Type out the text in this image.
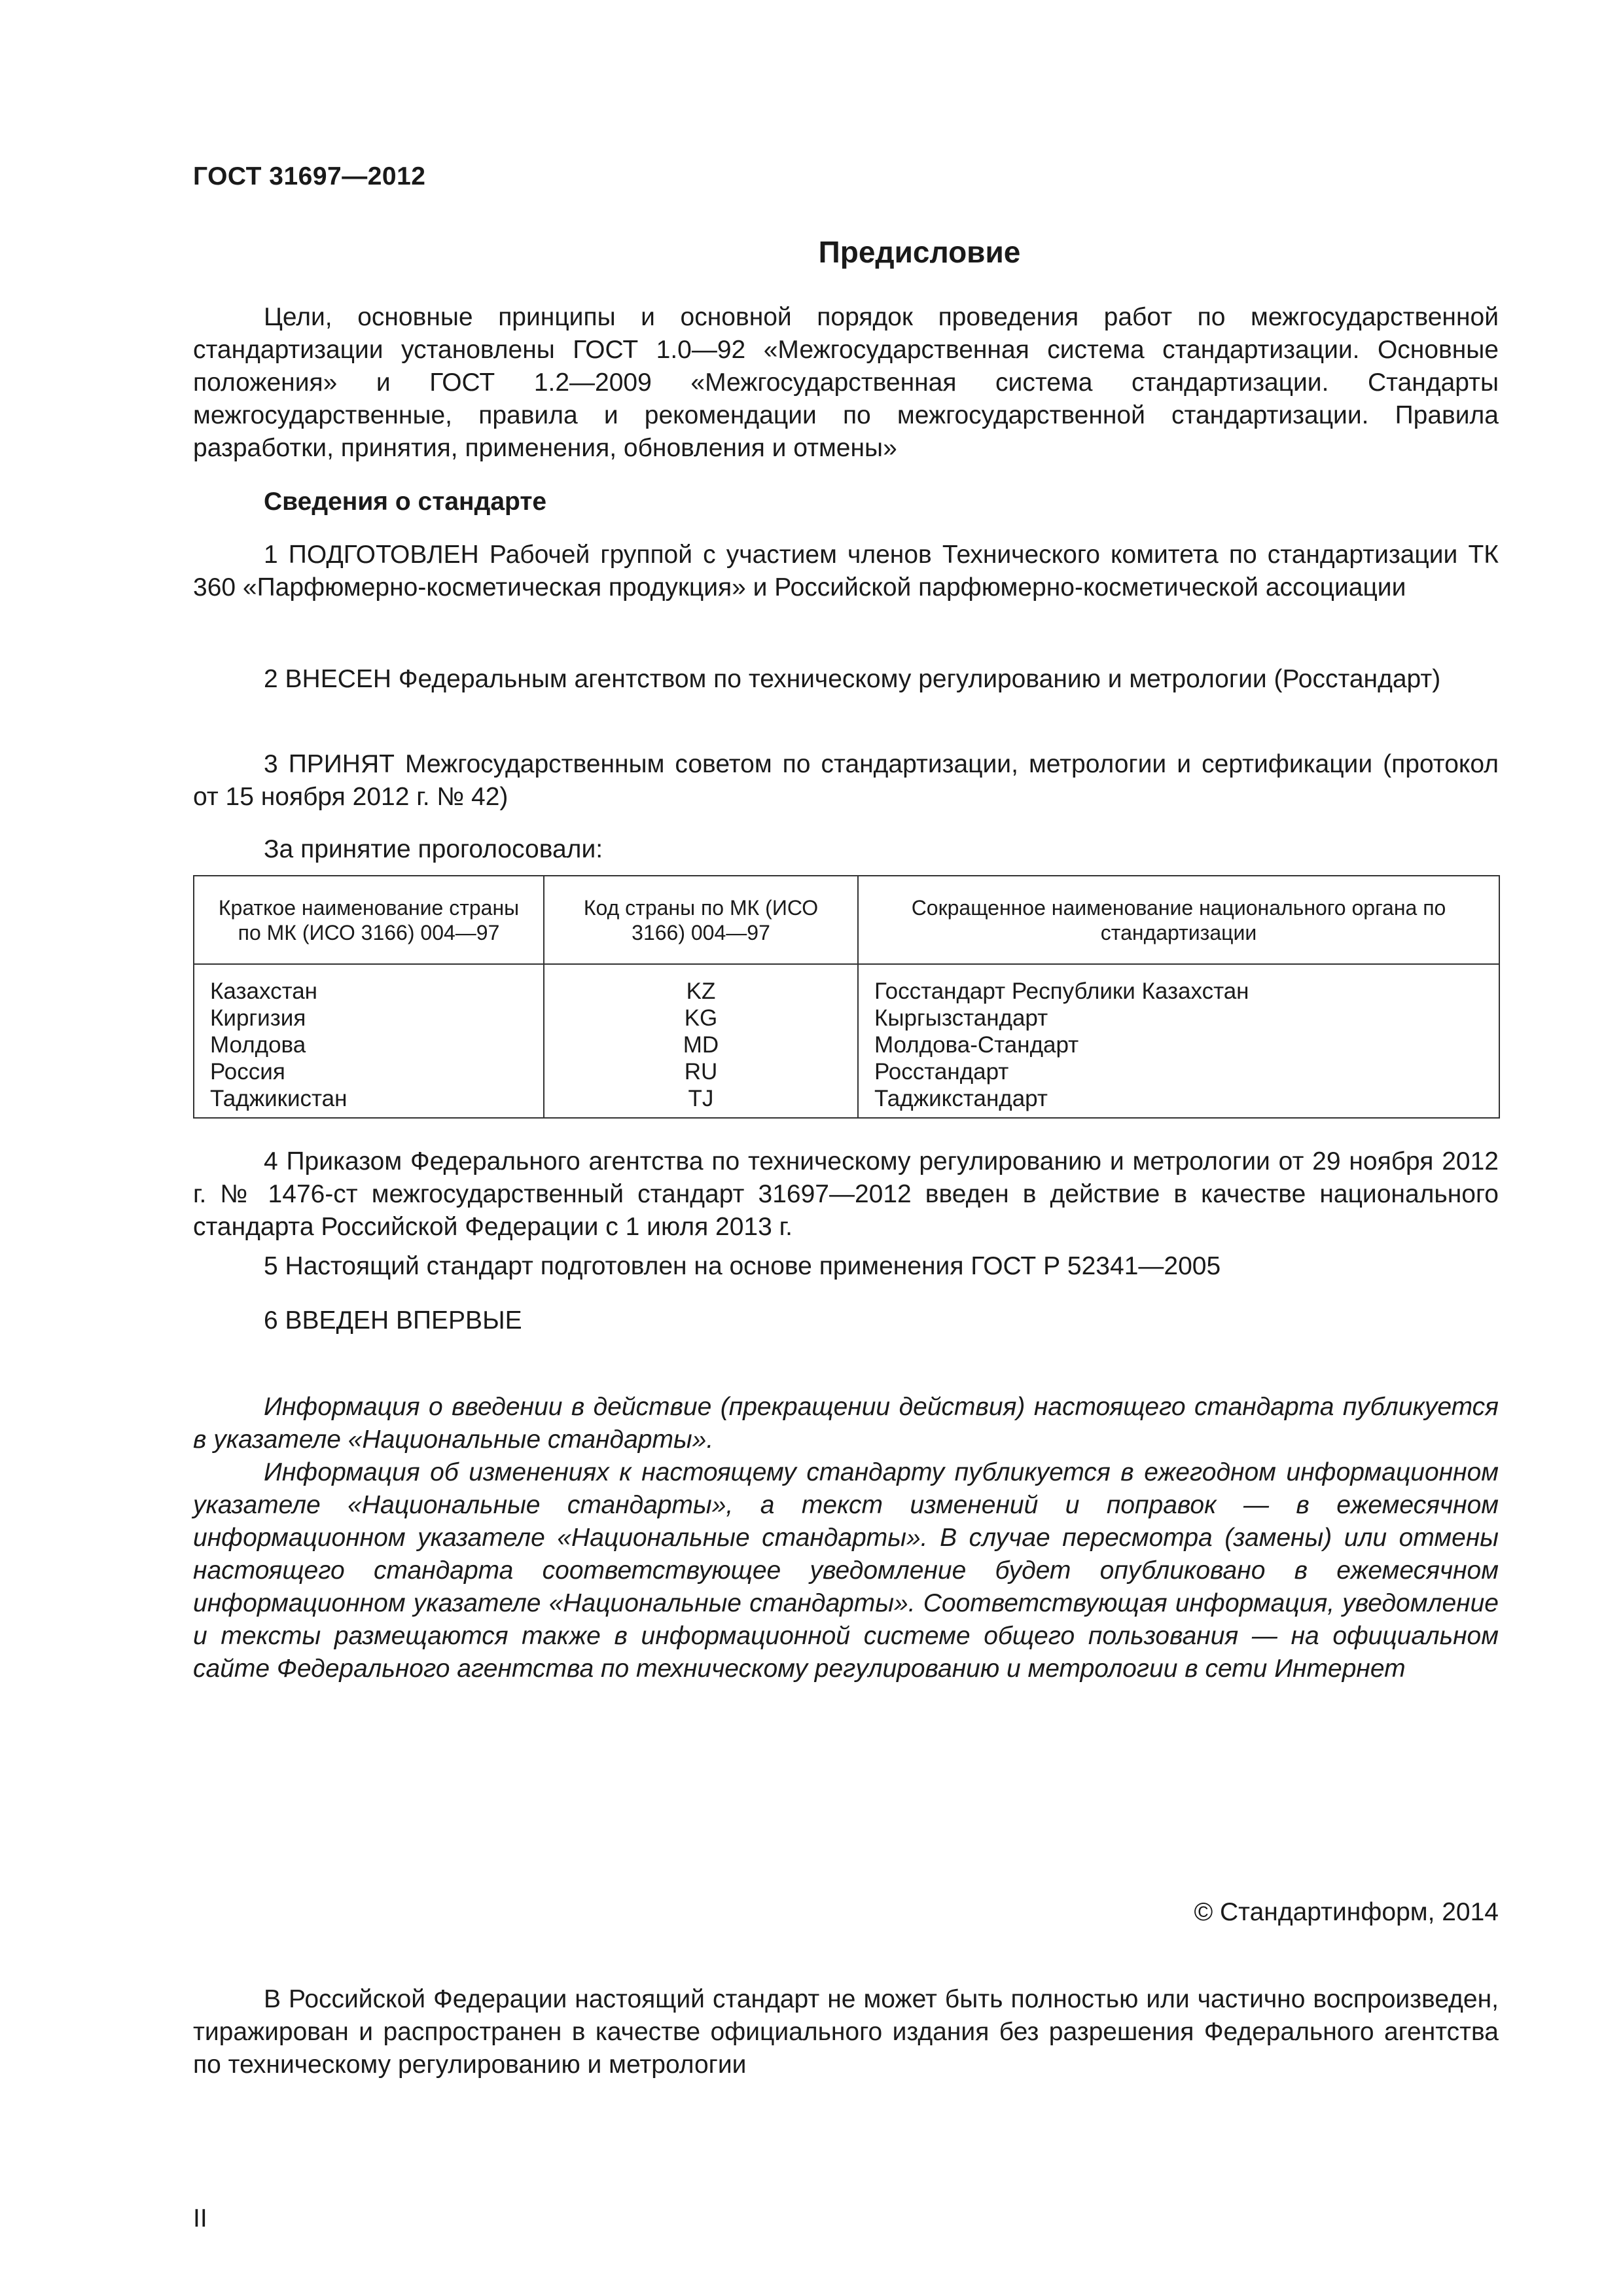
ГОСТ 31697—2012
Предисловие
Цели, основные принципы и основной порядок проведения работ по межгосударственной стандартизации установлены ГОСТ 1.0—92 «Межгосударственная система стандартизации. Основные положения» и ГОСТ 1.2—2009 «Межгосударственная система стандартизации. Стандарты межгосударственные, правила и рекомендации по межгосударственной стандартизации. Правила разработки, принятия, применения, обновления и отмены»
Сведения о стандарте
1 ПОДГОТОВЛЕН Рабочей группой с участием членов Технического комитета по стандартизации ТК 360 «Парфюмерно-косметическая продукция» и Российской парфюмерно-косметической ассоциации
2 ВНЕСЕН Федеральным агентством по техническому регулированию и метрологии (Росстандарт)
3 ПРИНЯТ Межгосударственным советом по стандартизации, метрологии и сертификации (протокол от 15 ноября 2012 г. № 42)
За принятие проголосовали:
Краткое наименование страны по МК (ИСО 3166) 004—97	Код страны по МК (ИСО 3166) 004—97	Сокращенное наименование национального органа по стандартизации
Казахстан	KZ	Госстандарт Республики Казахстан
Киргизия	KG	Кыргызстандарт
Молдова	MD	Молдова-Стандарт
Россия	RU	Росстандарт
Таджикистан	TJ	Таджикстандарт
4 Приказом Федерального агентства по техническому регулированию и метрологии от 29 ноября 2012 г. № 1476-ст межгосударственный стандарт 31697—2012 введен в действие в качестве национального стандарта Российской Федерации с 1 июля 2013 г.
5 Настоящий стандарт подготовлен на основе применения ГОСТ Р 52341—2005
6 ВВЕДЕН ВПЕРВЫЕ
Информация о введении в действие (прекращении действия) настоящего стандарта публикуется в указателе «Национальные стандарты».
Информация об изменениях к настоящему стандарту публикуется в ежегодном информационном указателе «Национальные стандарты», а текст изменений и поправок — в ежемесячном информационном указателе «Национальные стандарты». В случае пересмотра (замены) или отмены настоящего стандарта соответствующее уведомление будет опубликовано в ежемесячном информационном указателе «Национальные стандарты». Соответствующая информация, уведомление и тексты размещаются также в информационной системе общего пользования — на официальном сайте Федерального агентства по техническому регулированию и метрологии в сети Интернет
© Стандартинформ, 2014
В Российской Федерации настоящий стандарт не может быть полностью или частично воспроизведен, тиражирован и распространен в качестве официального издания без разрешения Федерального агентства по техническому регулированию и метрологии
II
